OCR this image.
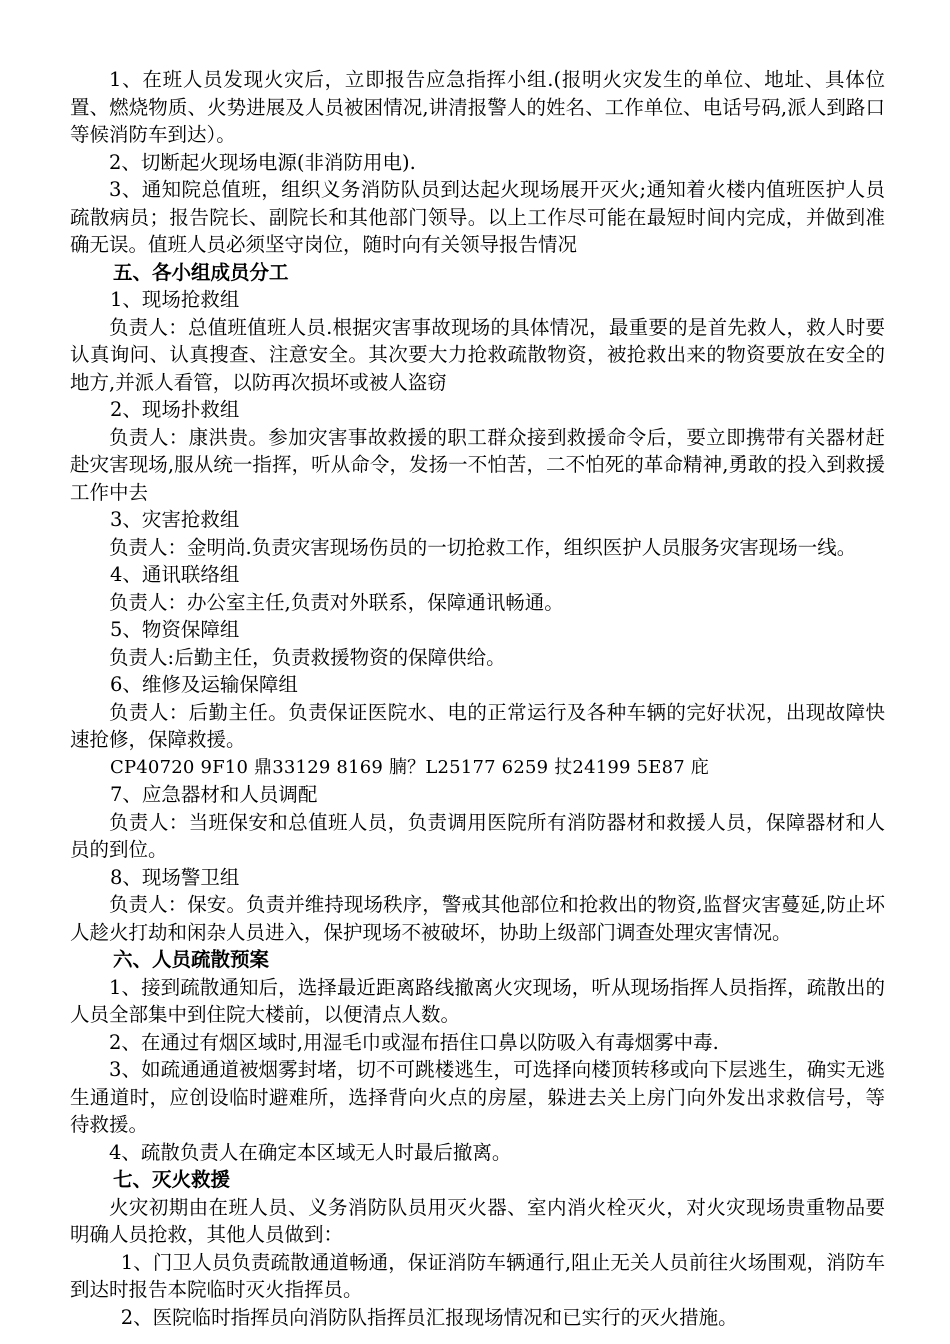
1、在班人员发现火灾后，立即报告应急指挥小组.(报明火灾发生的单位、地址、具体位置、燃烧物质、火势进展及人员被困情况,讲清报警人的姓名、工作单位、电话号码,派人到路口等候消防车到达）。

2、切断起火现场电源(非消防用电).

3、通知院总值班，组织义务消防队员到达起火现场展开灭火;通知着火楼内值班医护人员疏散病员；报告院长、副院长和其他部门领导。以上工作尽可能在最短时间内完成，并做到准确无误。值班人员必须坚守岗位，随时向有关领导报告情况

五、各小组成员分工

1、现场抢救组

负责人：总值班值班人员.根据灾害事故现场的具体情况，最重要的是首先救人，救人时要认真询问、认真搜查、注意安全。其次要大力抢救疏散物资，被抢救出来的物资要放在安全的地方,并派人看管，以防再次损坏或被人盗窃

2、现场扑救组

负责人：康洪贵。参加灾害事故救援的职工群众接到救援命令后，要立即携带有关器材赶赴灾害现场,服从统一指挥，听从命令，发扬一不怕苦，二不怕死的革命精神,勇敢的投入到救援工作中去

3、灾害抢救组

负责人：金明尚.负责灾害现场伤员的一切抢救工作，组织医护人员服务灾害现场一线。

4、通讯联络组

负责人：办公室主任,负责对外联系，保障通讯畅通。

5、物资保障组

负责人:后勤主任，负责救援物资的保障供给。

6、维修及运输保障组

负责人：后勤主任。负责保证医院水、电的正常运行及各种车辆的完好状况，出现故障快速抢修，保障救援。

CP40720 9F10 鼎33129 8169 腩？L25177 6259 扙24199 5E87 庇

7、应急器材和人员调配

负责人：当班保安和总值班人员，负责调用医院所有消防器材和救援人员，保障器材和人员的到位。

8、现场警卫组

负责人：保安。负责并维持现场秩序，警戒其他部位和抢救出的物资,监督灾害蔓延,防止坏人趁火打劫和闲杂人员进入，保护现场不被破坏，协助上级部门调查处理灾害情况。

六、人员疏散预案

1、接到疏散通知后，选择最近距离路线撤离火灾现场，听从现场指挥人员指挥，疏散出的人员全部集中到住院大楼前，以便清点人数。

2、在通过有烟区域时,用湿毛巾或湿布捂住口鼻以防吸入有毒烟雾中毒.

3、如疏通通道被烟雾封堵，切不可跳楼逃生，可选择向楼顶转移或向下层逃生，确实无逃生通道时，应创设临时避难所，选择背向火点的房屋，躲进去关上房门向外发出求救信号，等待救援。

4、疏散负责人在确定本区域无人时最后撤离。

七、灭火救援

火灾初期由在班人员、义务消防队员用灭火器、室内消火栓灭火，对火灾现场贵重物品要明确人员抢救，其他人员做到：

1、门卫人员负责疏散通道畅通，保证消防车辆通行,阻止无关人员前往火场围观，消防车到达时报告本院临时灭火指挥员。

2、医院临时指挥员向消防队指挥员汇报现场情况和已实行的灭火措施。
